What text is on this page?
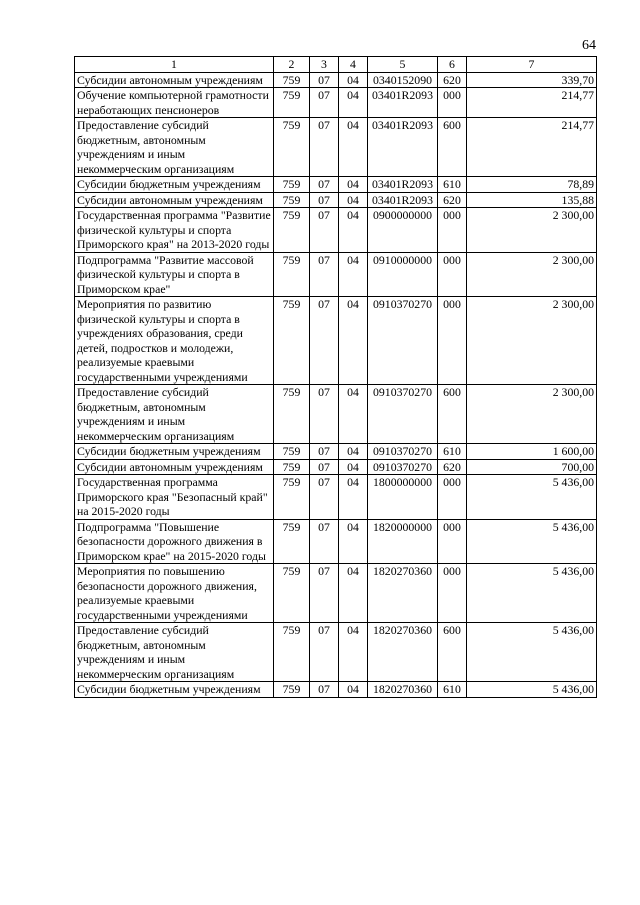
64
1	2	3	4	5	6	7
Субсидии автономным учреждениям	759	07	04	0340152090	620	339,70
Обучение компьютерной грамотности неработающих пенсионеров	759	07	04	03401R2093	000	214,77
Предоставление субсидий бюджетным, автономным учреждениям и иным некоммерческим организациям	759	07	04	03401R2093	600	214,77
Субсидии бюджетным учреждениям	759	07	04	03401R2093	610	78,89
Субсидии автономным учреждениям	759	07	04	03401R2093	620	135,88
Государственная программа "Развитие физической культуры и спорта Приморского края" на 2013-2020 годы	759	07	04	0900000000	000	2 300,00
Подпрограмма "Развитие массовой физической культуры и спорта в Приморском крае"	759	07	04	0910000000	000	2 300,00
Мероприятия по развитию физической культуры и спорта в учреждениях образования, среди детей, подростков и молодежи, реализуемые краевыми государственными учреждениями	759	07	04	0910370270	000	2 300,00
Предоставление субсидий бюджетным, автономным учреждениям и иным некоммерческим организациям	759	07	04	0910370270	600	2 300,00
Субсидии бюджетным учреждениям	759	07	04	0910370270	610	1 600,00
Субсидии автономным учреждениям	759	07	04	0910370270	620	700,00
Государственная программа Приморского края "Безопасный край" на 2015-2020 годы	759	07	04	1800000000	000	5 436,00
Подпрограмма "Повышение безопасности дорожного движения в Приморском крае" на 2015-2020 годы	759	07	04	1820000000	000	5 436,00
Мероприятия по повышению безопасности дорожного движения, реализуемые краевыми государственными учреждениями	759	07	04	1820270360	000	5 436,00
Предоставление субсидий бюджетным, автономным учреждениям и иным некоммерческим организациям	759	07	04	1820270360	600	5 436,00
Субсидии бюджетным учреждениям	759	07	04	1820270360	610	5 436,00
